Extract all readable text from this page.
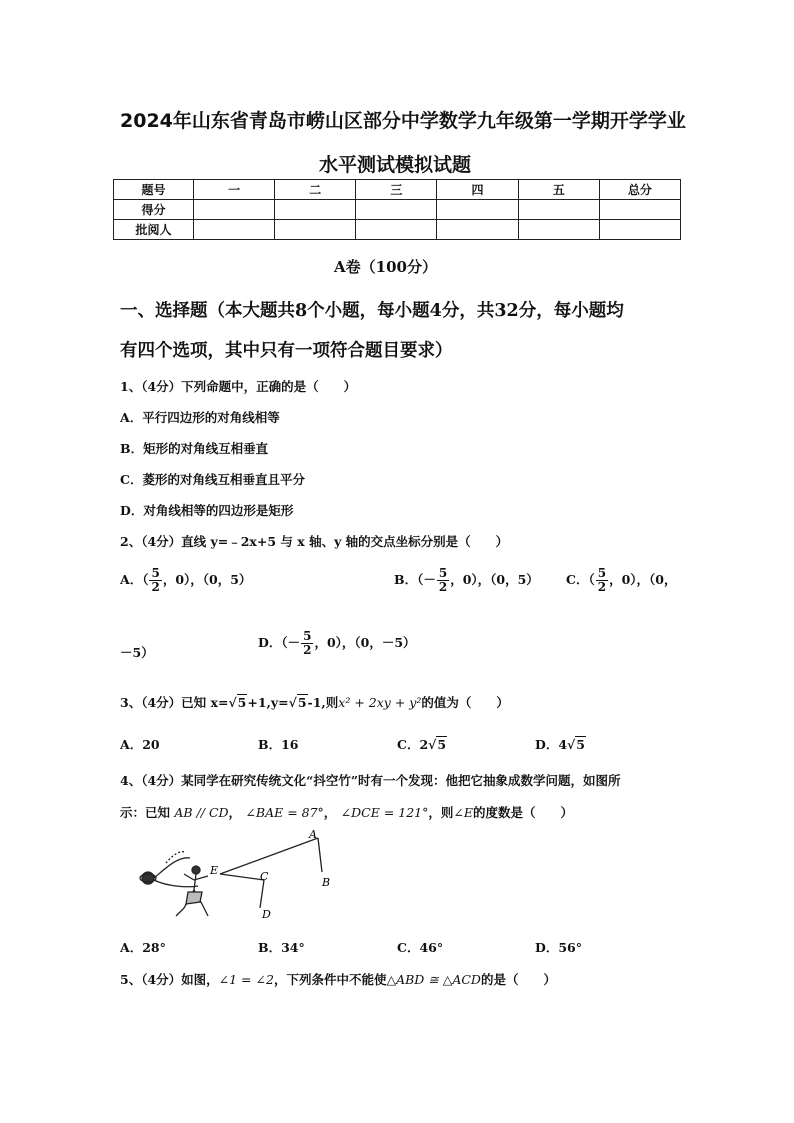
2024年山东省青岛市崂山区部分中学数学九年级第一学期开学学业
水平测试模拟试题
题号	一	二	三	四	五	总分
得分						
批阅人						
A卷（100分）
一、选择题（本大题共8个小题，每小题4分，共32分，每小题均
有四个选项，其中只有一项符合题目要求）
1、（4分）下列命题中，正确的是（　　）
A．平行四边形的对角线相等
B．矩形的对角线互相垂直
C．菱形的对角线互相垂直且平分
D．对角线相等的四边形是矩形
2、（4分）直线 y=﹣2x+5 与 x 轴、y 轴的交点坐标分别是（　　）
A．（ $\frac{5}{2}$ ，0），（0，5）	B．（－ $\frac{5}{2}$ ，0），（0，5） C．（ $\frac{5}{2}$ ，0），（0，
－5）
D．（－ $\frac{5}{2}$ ，0），（0，－5）
3、（4分）已知 x=√5+1,y=√5-1,则x² + 2xy + y²的值为（　　）
A．20	B．16	C．2√5	D．4√5
4、（4分）某同学在研究传统文化“抖空竹”时有一个发现：他把它抽象成数学问题，如图所
示：已知 AB // CD， ∠BAE = 87°， ∠DCE = 121°，则∠E的度数是（　　）
A
B
C
D
E
A．28°	B．34°	C．46°	D．56°
5、（4分）如图，∠1 = ∠2，下列条件中不能使△ABD ≅ △ACD的是（　　）
